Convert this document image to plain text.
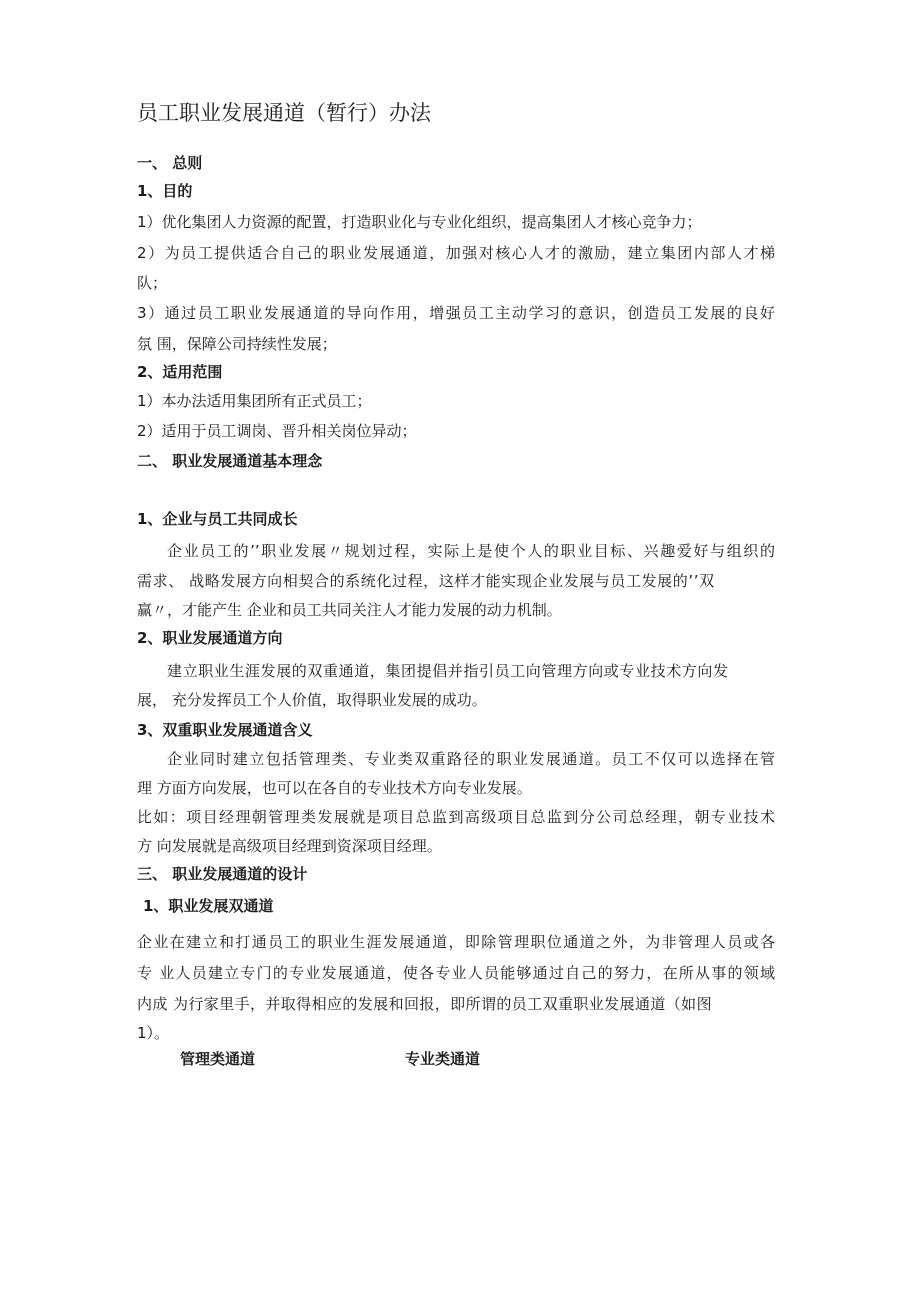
员工职业发展通道（暂行）办法
一、 总则
1、目的
1）优化集团人力资源的配置，打造职业化与专业化组织，提高集团人才核心竞争力；
2）为员工提供适合自己的职业发展通道，加强对核心人才的激励，建立集团内部人才梯
队；
3）通过员工职业发展通道的导向作用，增强员工主动学习的意识，创造员工发展的良好
氛 围，保障公司持续性发展；
2、适用范围
1）本办法适用集团所有正式员工；
2）适用于员工调岗、晋升相关岗位异动；
二、 职业发展通道基本理念
1、企业与员工共同成长
企业员工的’’职业发展〃规划过程，实际上是使个人的职业目标、兴趣爱好与组织的
需求、 战略发展方向相契合的系统化过程，这样才能实现企业发展与员工发展的’’双
赢〃，才能产生 企业和员工共同关注人才能力发展的动力机制。
2、职业发展通道方向
建立职业生涯发展的双重通道，集团提倡并指引员工向管理方向或专业技术方向发
展， 充分发挥员工个人价值，取得职业发展的成功。
3、双重职业发展通道含义
企业同时建立包括管理类、专业类双重路径的职业发展通道。员工不仅可以选择在管
理 方面方向发展，也可以在各自的专业技术方向专业发展。
比如：项目经理朝管理类发展就是项目总监到高级项目总监到分公司总经理，朝专业技术
方 向发展就是高级项目经理到资深项目经理。
三、 职业发展通道的设计
1、职业发展双通道
企业在建立和打通员工的职业生涯发展通道，即除管理职位通道之外，为非管理人员或各
专 业人员建立专门的专业发展通道，使各专业人员能够通过自己的努力，在所从事的领域
内成 为行家里手，并取得相应的发展和回报，即所谓的员工双重职业发展通道（如图
1）。
管理类通道	专业类通道
